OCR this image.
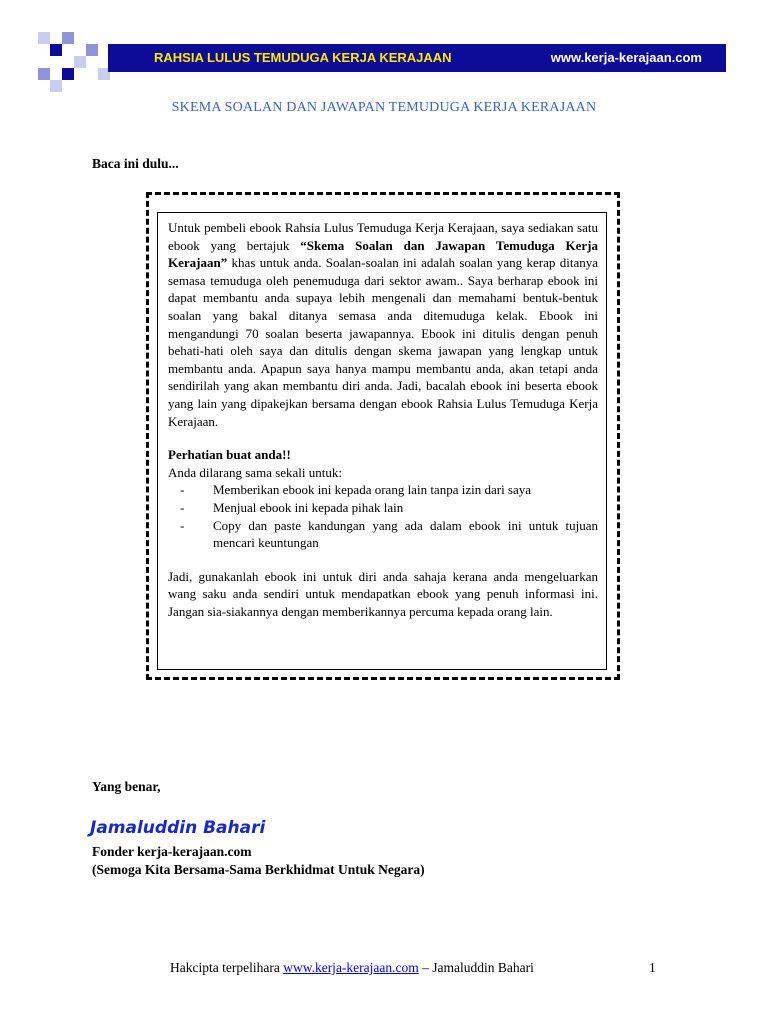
RAHSIA LULUS TEMUDUGA KERJA KERAJAAN	www.kerja-kerajaan.com
SKEMA SOALAN DAN JAWAPAN TEMUDUGA KERJA KERAJAAN
Baca ini dulu...

Untuk pembeli ebook Rahsia Lulus Temuduga Kerja Kerajaan, saya sediakan satu ebook yang bertajuk “Skema Soalan dan Jawapan Temuduga Kerja Kerajaan” khas untuk anda. Soalan-soalan ini adalah soalan yang kerap ditanya semasa temuduga oleh penemuduga dari sektor awam.. Saya berharap ebook ini dapat membantu anda supaya lebih mengenali dan memahami bentuk-bentuk soalan yang bakal ditanya semasa anda ditemuduga kelak. Ebook ini mengandungi 70 soalan beserta jawapannya. Ebook ini ditulis dengan penuh behati-hati oleh saya dan ditulis dengan skema jawapan yang lengkap untuk membantu anda. Apapun saya hanya mampu membantu anda, akan tetapi anda sendirilah yang akan membantu diri anda. Jadi, bacalah ebook ini beserta ebook yang lain yang dipakejkan bersama dengan ebook Rahsia Lulus Temuduga Kerja Kerajaan.

Perhatian buat anda!!

Anda dilarang sama sekali untuk:

- Memberikan ebook ini kepada orang lain tanpa izin dari saya
- Menjual ebook ini kepada pihak lain
- Copy dan paste kandungan yang ada dalam ebook ini untuk tujuan mencari keuntungan

Jadi, gunakanlah ebook ini untuk diri anda sahaja kerana anda mengeluarkan wang saku anda sendiri untuk mendapatkan ebook yang penuh informasi ini. Jangan sia-siakannya dengan memberikannya percuma kepada orang lain.

Yang benar,
Jamaluddin Bahari
Fonder kerja-kerajaan.com
(Semoga Kita Bersama-Sama Berkhidmat Untuk Negara)
Hakcipta terpelihara www.kerja-kerajaan.com – Jamaluddin Bahari	1
